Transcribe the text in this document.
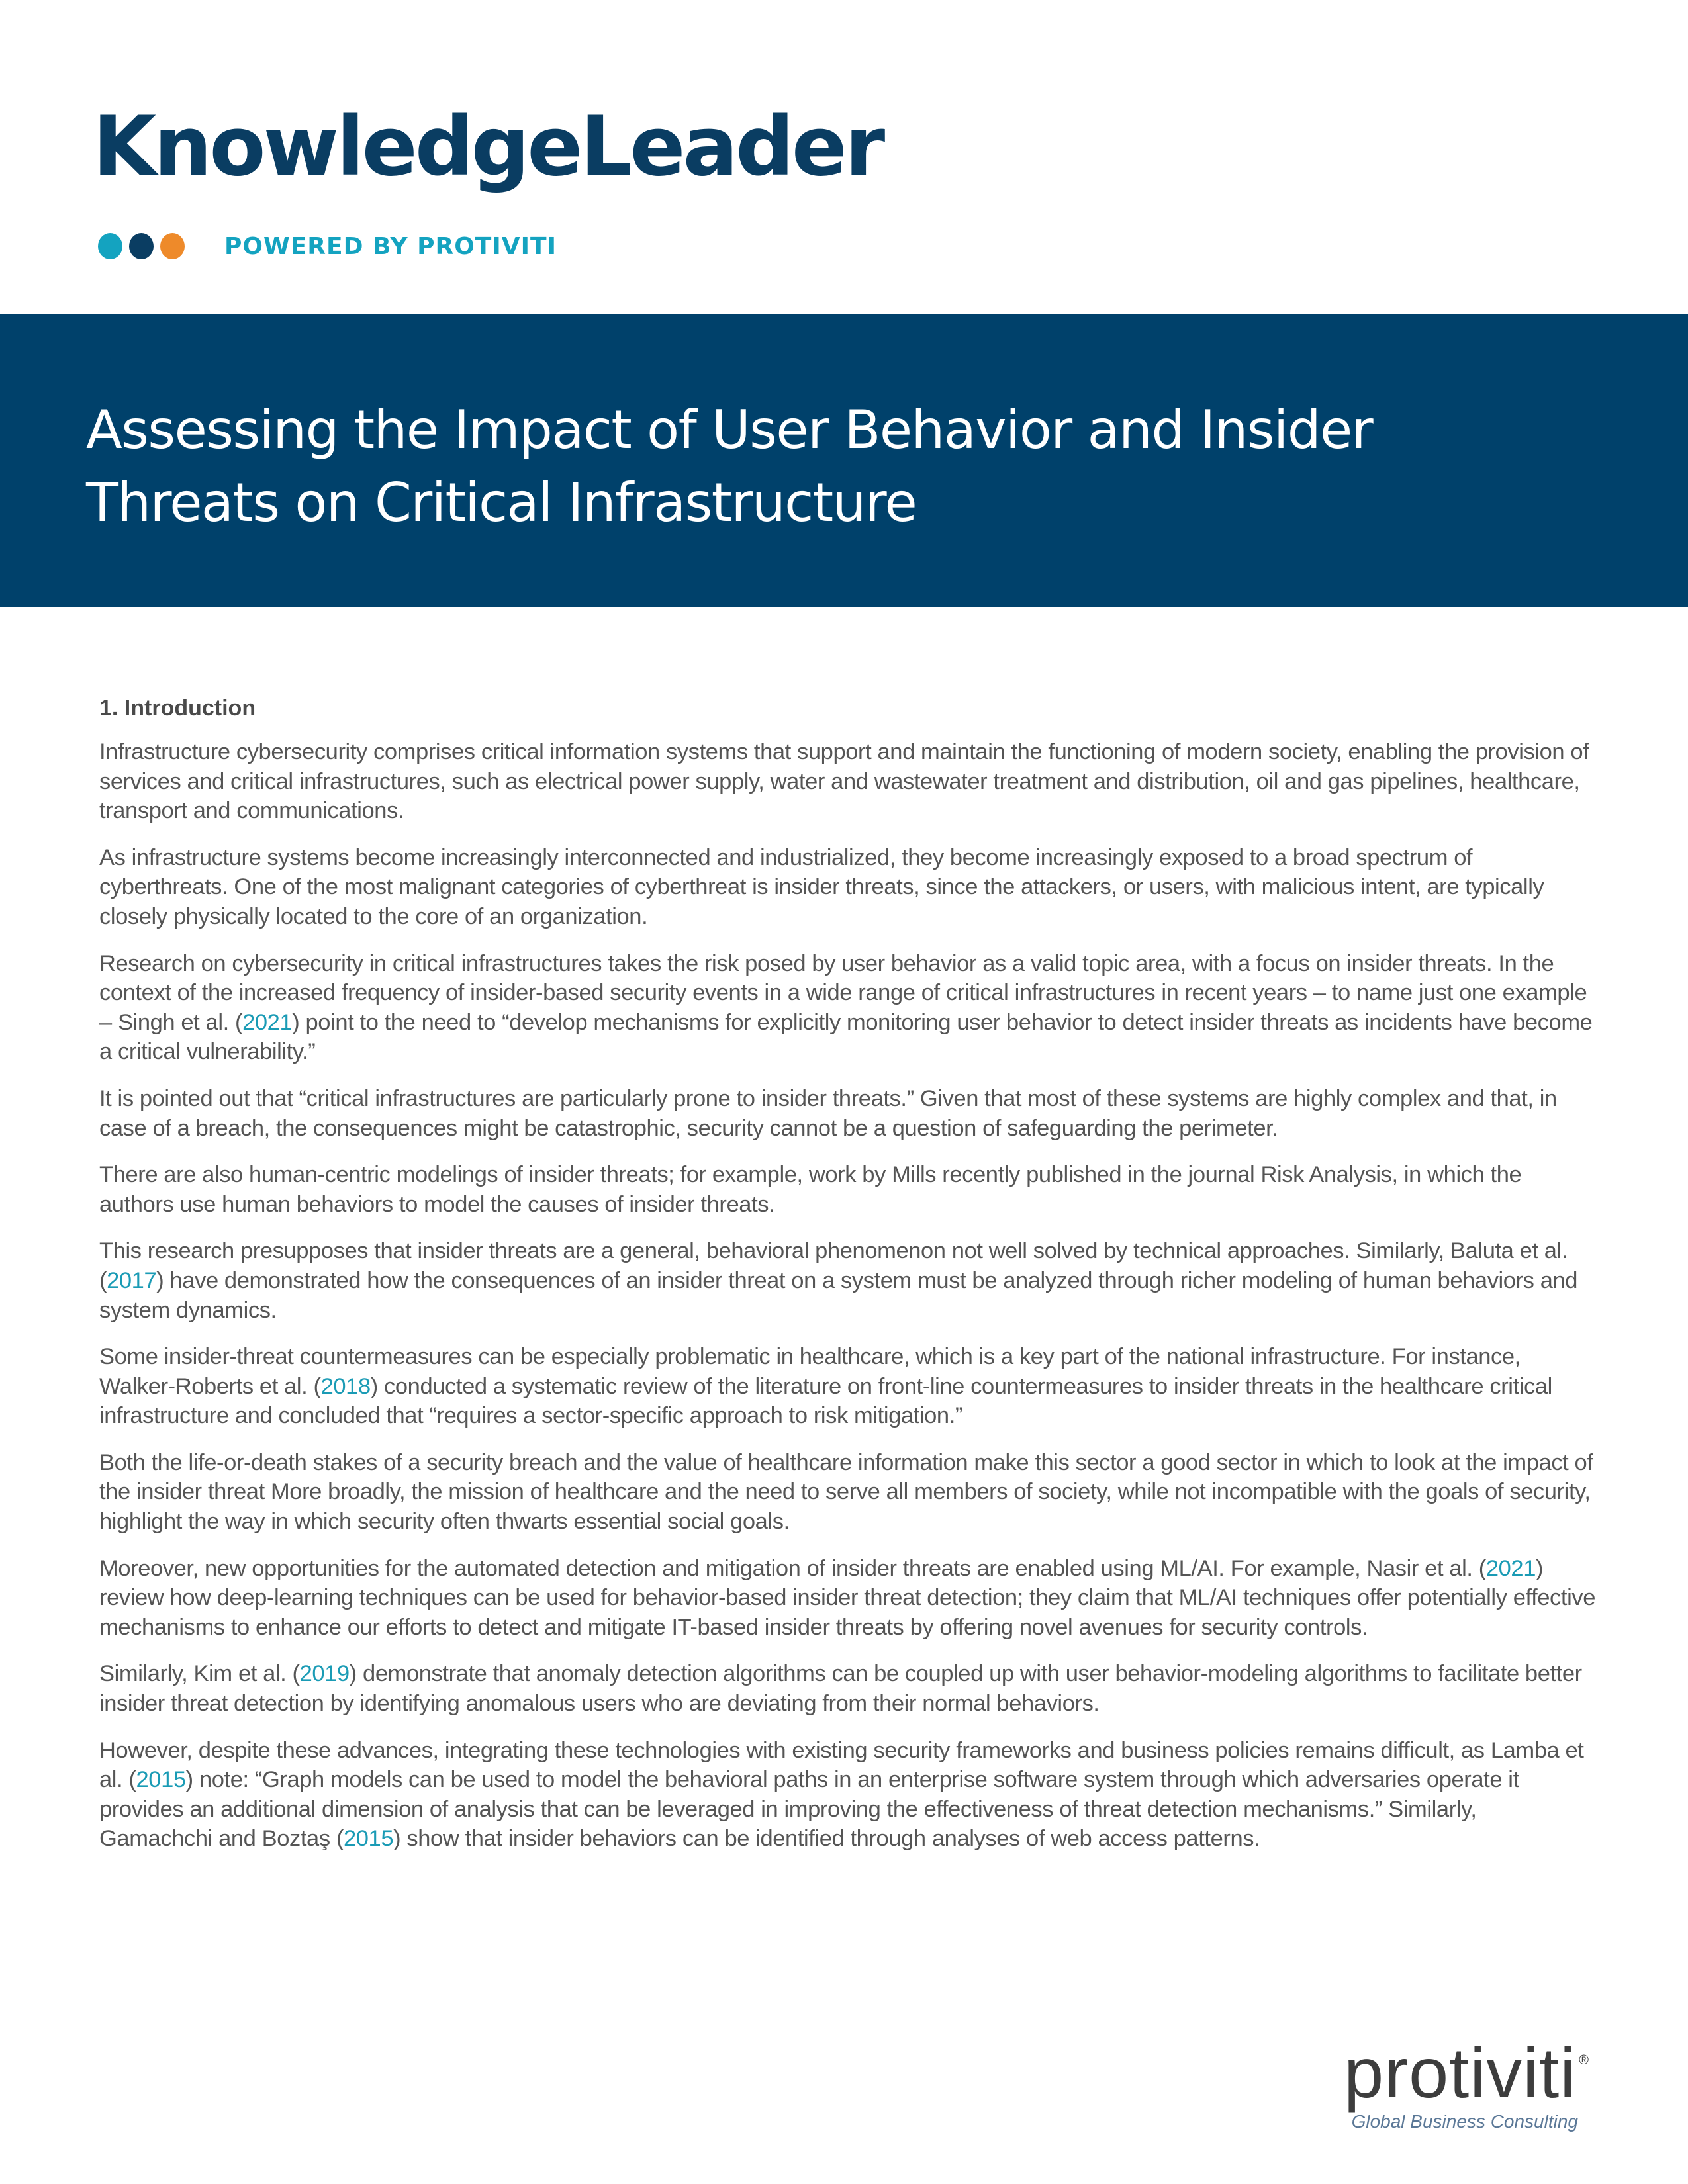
KnowledgeLeader
POWERED BY PROTIVITI
Assessing the Impact of User Behavior and Insider
Threats on Critical Infrastructure
1. Introduction

Infrastructure cybersecurity comprises critical information systems that support and maintain the functioning of modern society, enabling the provision of services and critical infrastructures, such as electrical power supply, water and wastewater treatment and distribution, oil and gas pipelines, healthcare, transport and communications.

As infrastructure systems become increasingly interconnected and industrialized, they become increasingly exposed to a broad spectrum of cyberthreats. One of the most malignant categories of cyberthreat is insider threats, since the attackers, or users, with malicious intent, are typically closely physically located to the core of an organization.

Research on cybersecurity in critical infrastructures takes the risk posed by user behavior as a valid topic area, with a focus on insider threats. In the context of the increased frequency of insider-based security events in a wide range of critical infrastructures in recent years – to name just one example – Singh et al. (2021) point to the need to “develop mechanisms for explicitly monitoring user behavior to detect insider threats as incidents have become a critical vulnerability.”

It is pointed out that “critical infrastructures are particularly prone to insider threats.” Given that most of these systems are highly complex and that, in case of a breach, the consequences might be catastrophic, security cannot be a question of safeguarding the perimeter.

There are also human-centric modelings of insider threats; for example, work by Mills recently published in the journal Risk Analysis, in which the authors use human behaviors to model the causes of insider threats.

This research presupposes that insider threats are a general, behavioral phenomenon not well solved by technical approaches. Similarly, Baluta et al. (2017) have demonstrated how the consequences of an insider threat on a system must be analyzed through richer modeling of human behaviors and system dynamics.

Some insider-threat countermeasures can be especially problematic in healthcare, which is a key part of the national infrastructure. For instance, Walker-Roberts et al. (2018) conducted a systematic review of the literature on front-line countermeasures to insider threats in the healthcare critical infrastructure and concluded that “requires a sector-specific approach to risk mitigation.”

Both the life-or-death stakes of a security breach and the value of healthcare information make this sector a good sector in which to look at the impact of the insider threat More broadly, the mission of healthcare and the need to serve all members of society, while not incompatible with the goals of security, highlight the way in which security often thwarts essential social goals.

Moreover, new opportunities for the automated detection and mitigation of insider threats are enabled using ML/AI. For example, Nasir et al. (2021) review how deep-learning techniques can be used for behavior-based insider threat detection; they claim that ML/AI techniques offer potentially effective mechanisms to enhance our efforts to detect and mitigate IT-based insider threats by offering novel avenues for security controls.

Similarly, Kim et al. (2019) demonstrate that anomaly detection algorithms can be coupled up with user behavior-modeling algorithms to facilitate better insider threat detection by identifying anomalous users who are deviating from their normal behaviors.

However, despite these advances, integrating these technologies with existing security frameworks and business policies remains difficult, as Lamba et al. (2015) note: “Graph models can be used to model the behavioral paths in an enterprise software system through which adversaries operate it provides an additional dimension of analysis that can be leveraged in improving the effectiveness of threat detection mechanisms.” Similarly, Gamachchi and Boztaş (2015) show that insider behaviors can be identified through analyses of web access patterns.

protiviti ®
Global Business Consulting
